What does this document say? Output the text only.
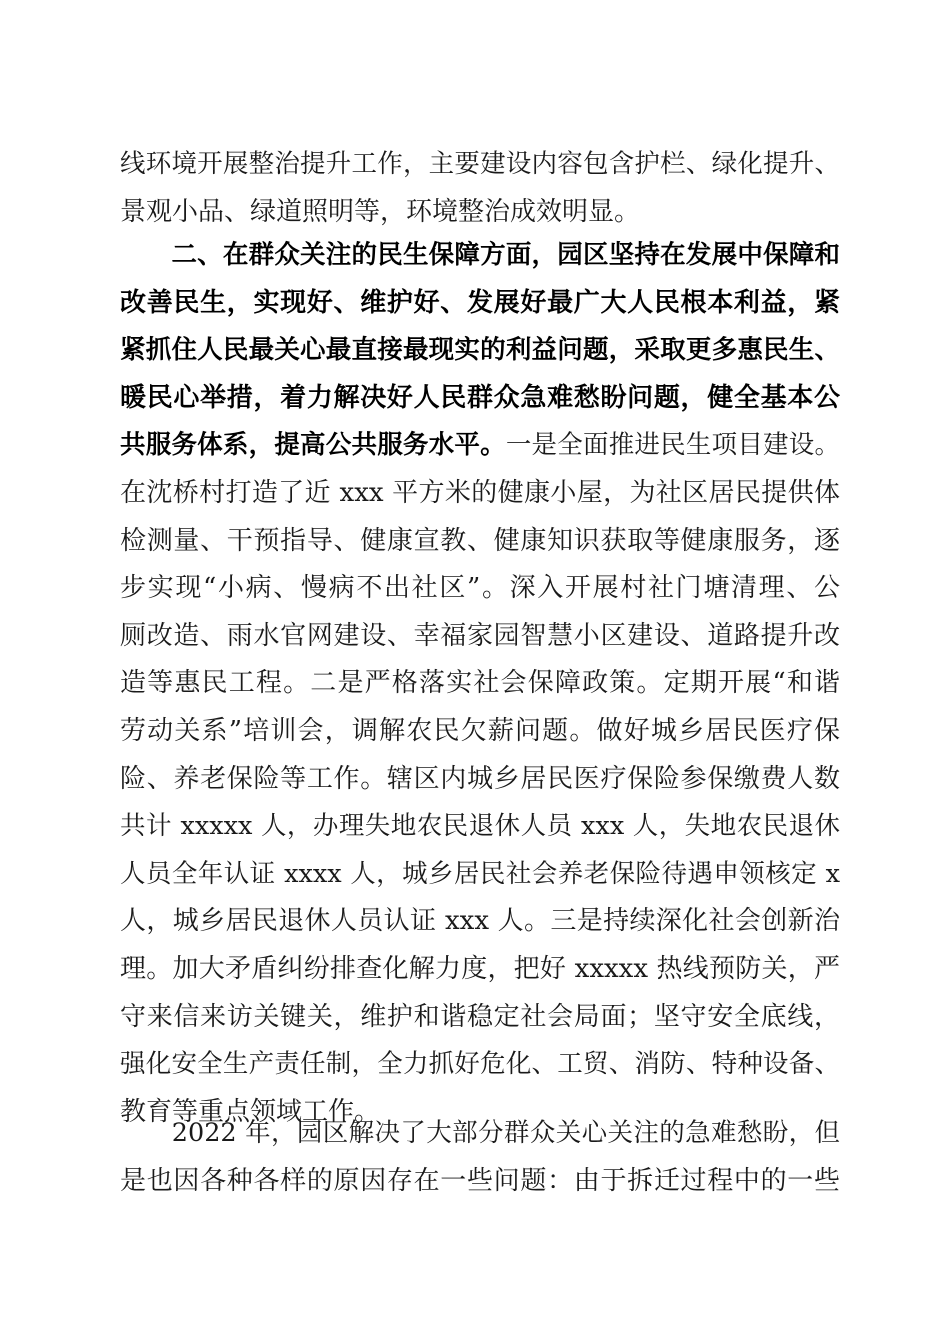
线环境开展整治提升工作，主要建设内容包含护栏、绿化提升、
景观小品、绿道照明等，环境整治成效明显。
　　二、在群众关注的民生保障方面，园区坚持在发展中保障和
改善民生，实现好、维护好、发展好最广大人民根本利益，紧
紧抓住人民最关心最直接最现实的利益问题，采取更多惠民生、
暖民心举措，着力解决好人民群众急难愁盼问题，健全基本公
共服务体系，提高公共服务水平。一是全面推进民生项目建设。
在沈桥村打造了近 xxx 平方米的健康小屋，为社区居民提供体
检测量、干预指导、健康宣教、健康知识获取等健康服务，逐
步实现“小病、慢病不出社区”。深入开展村社门塘清理、公
厕改造、雨水官网建设、幸福家园智慧小区建设、道路提升改
造等惠民工程。二是严格落实社会保障政策。定期开展“和谐
劳动关系”培训会，调解农民欠薪问题。做好城乡居民医疗保
险、养老保险等工作。辖区内城乡居民医疗保险参保缴费人数
共计 xxxxx 人，办理失地农民退休人员 xxx 人，失地农民退休
人员全年认证 xxxx 人，城乡居民社会养老保险待遇申领核定 x
人，城乡居民退休人员认证 xxx 人。三是持续深化社会创新治
理。加大矛盾纠纷排查化解力度，把好 xxxxx 热线预防关，严
守来信来访关键关，维护和谐稳定社会局面；坚守安全底线，
强化安全生产责任制，全力抓好危化、工贸、消防、特种设备、
教育等重点领域工作。
　　2022 年，园区解决了大部分群众关心关注的急难愁盼，但
是也因各种各样的原因存在一些问题：由于拆迁过程中的一些
